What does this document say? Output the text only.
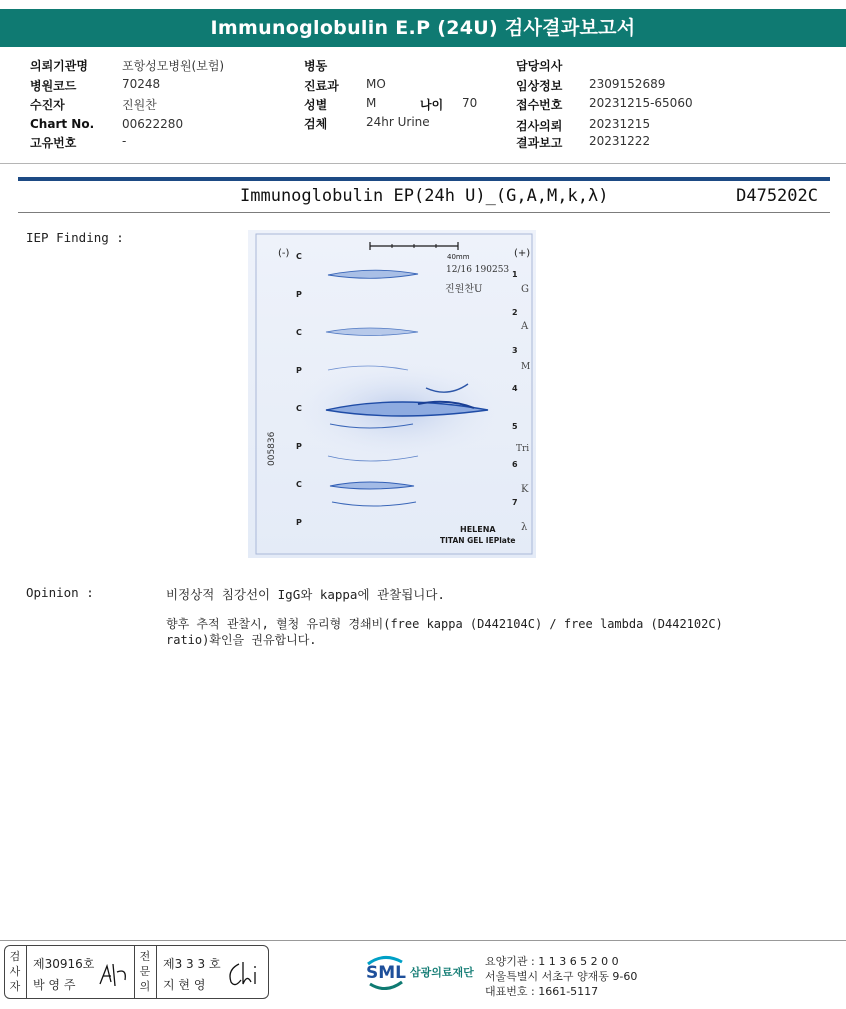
Immunoglobulin E.P (24U) 검사결과보고서
의뢰기관명	포항성모병원(보험)
병원코드	70248
수진자	진원찬
Chart No. 00622280
고유번호	-
병동
진료과 MO
성별	M	나이 70
검체	24hr Urine
담당의사
임상정보 2309152689
접수번호 20231215-65060
검사의뢰 20231215
결과보고 20231222
Immunoglobulin EP(24h U)_(G,A,M,k,λ)	D475202C
IEP Finding :
(-)	(+)
40mm
12/16 190253
진원찬U
005836
C
P
C
P
C
P
C
P
1
2
3
4
5
6
7
G
A
M
Tri
K
λ
HELENA
TITAN GEL IEPlate
Opinion :	비정상적 침강선이 IgG와 kappa에 관찰됩니다.
향후 추적 관찰시, 혈청 유리형 경쇄비(free kappa (D442104C) / free lambda (D442102C)
ratio)확인을 권유합니다.
검사자
제30916호
박 영 주
전문의
제3 3 3 호
지 현 영
SML 삼광의료재단
요양기관 : 1 1 3 6 5 2 0 0
서울특별시 서초구 양재동 9-60
대표번호 : 1661-5117
